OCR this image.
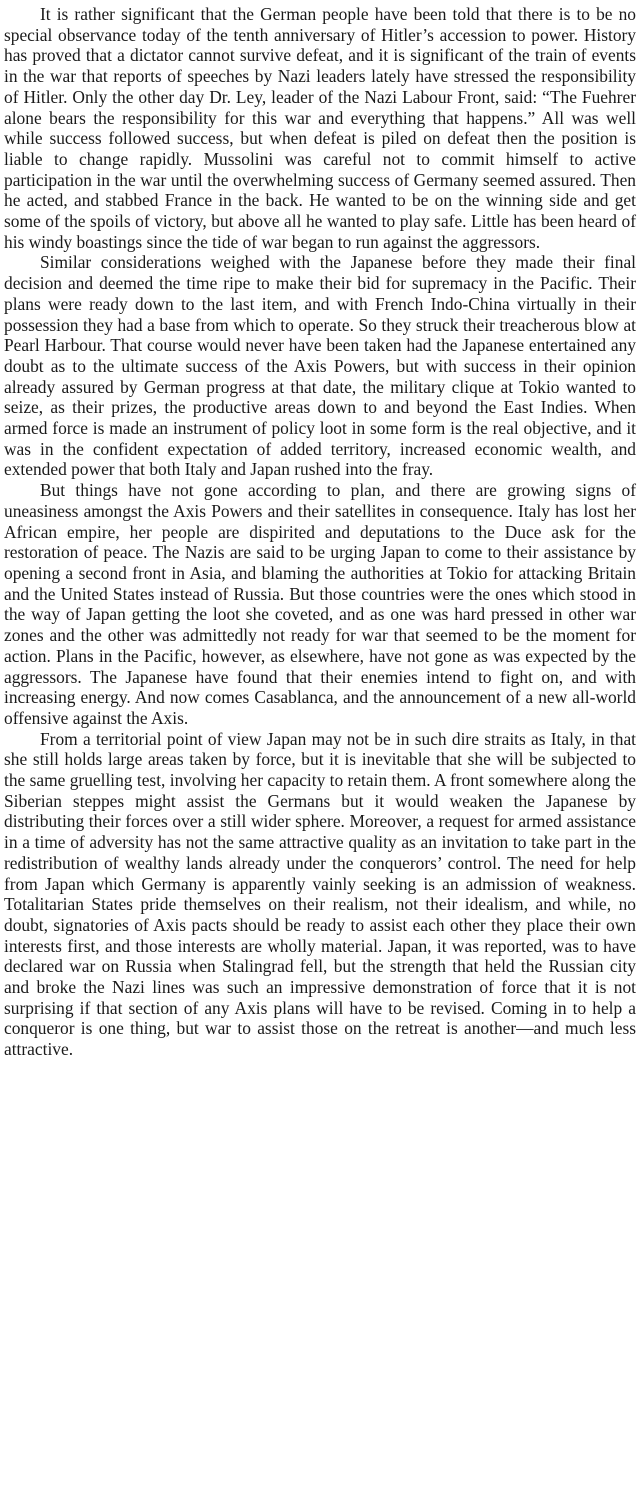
It is rather significant that the German people have been told that there is to be no special observance today of the tenth anniversary of Hitler’s accession to power. History has proved that a dictator cannot survive defeat, and it is significant of the train of events in the war that reports of speeches by Nazi leaders lately have stressed the responsibility of Hitler. Only the other day Dr. Ley, leader of the Nazi Labour Front, said: “The Fuehrer alone bears the responsibility for this war and everything that happens.” All was well while success followed success, but when defeat is piled on defeat then the position is liable to change rapidly. Mussolini was careful not to commit himself to active participation in the war until the overwhelming success of Germany seemed assured. Then he acted, and stabbed France in the back. He wanted to be on the winning side and get some of the spoils of victory, but above all he wanted to play safe. Little has been heard of his windy boastings since the tide of war began to run against the aggressors.

Similar considerations weighed with the Japanese before they made their final decision and deemed the time ripe to make their bid for supremacy in the Pacific. Their plans were ready down to the last item, and with French Indo-China virtually in their possession they had a base from which to operate. So they struck their treacherous blow at Pearl Harbour. That course would never have been taken had the Japanese entertained any doubt as to the ultimate success of the Axis Powers, but with success in their opinion already assured by German progress at that date, the military clique at Tokio wanted to seize, as their prizes, the productive areas down to and beyond the East Indies. When armed force is made an instrument of policy loot in some form is the real objective, and it was in the confident expectation of added territory, increased economic wealth, and extended power that both Italy and Japan rushed into the fray.

But things have not gone according to plan, and there are growing signs of uneasiness amongst the Axis Powers and their satellites in consequence. Italy has lost her African empire, her people are dispirited and deputations to the Duce ask for the restoration of peace. The Nazis are said to be urging Japan to come to their assistance by opening a second front in Asia, and blaming the authorities at Tokio for attacking Britain and the United States instead of Russia. But those countries were the ones which stood in the way of Japan getting the loot she coveted, and as one was hard pressed in other war zones and the other was admittedly not ready for war that seemed to be the moment for action. Plans in the Pacific, however, as elsewhere, have not gone as was expected by the aggressors. The Japanese have found that their enemies intend to fight on, and with increasing energy. And now comes Casablanca, and the announcement of a new all-world offensive against the Axis.

From a territorial point of view Japan may not be in such dire straits as Italy, in that she still holds large areas taken by force, but it is inevitable that she will be subjected to the same gruelling test, involving her capacity to retain them. A front somewhere along the Siberian steppes might assist the Germans but it would weaken the Japanese by distributing their forces over a still wider sphere. Moreover, a request for armed assistance in a time of adversity has not the same attractive quality as an invitation to take part in the redistribution of wealthy lands already under the conquerors’ control. The need for help from Japan which Germany is apparently vainly seeking is an admission of weakness. Totalitarian States pride themselves on their realism, not their idealism, and while, no doubt, signatories of Axis pacts should be ready to assist each other they place their own interests first, and those interests are wholly material. Japan, it was reported, was to have declared war on Russia when Stalingrad fell, but the strength that held the Russian city and broke the Nazi lines was such an impressive demonstration of force that it is not surprising if that section of any Axis plans will have to be revised. Coming in to help a conqueror is one thing, but war to assist those on the retreat is another—and much less attractive.
